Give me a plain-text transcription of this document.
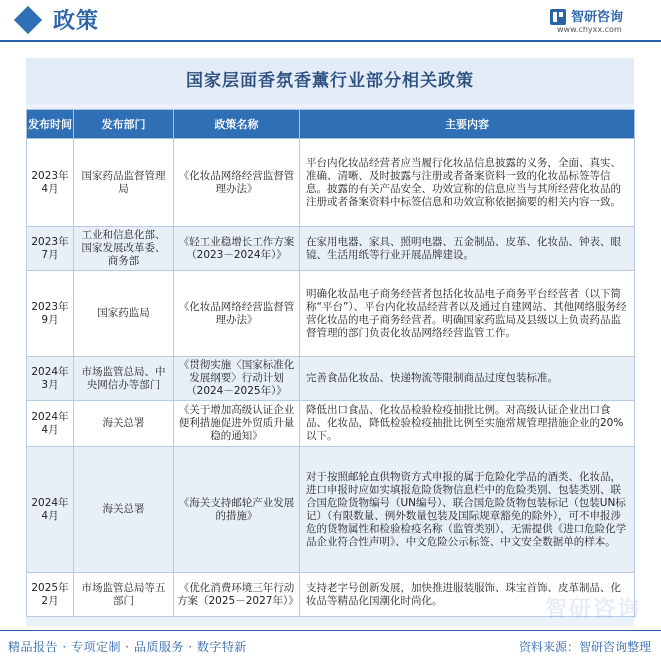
政策	智研咨询
www.chyxx.com
国家层面香氛香薰行业部分相关政策
发布时间	发布部门	政策名称	主要内容
2023年4月	国家药品监督管理局	《化妆品网络经营监督管理办法》	平台内化妆品经营者应当履行化妆品信息披露的义务，全面、真实、准确、清晰、及时披露与注册或者备案资料一致的化妆品标签等信息。披露的有关产品安全、功效宣称的信息应当与其所经营化妆品的注册或者备案资料中标签信息和功效宣称依据摘要的相关内容一致。
2023年7月	工业和信息化部、国家发展改革委、商务部	《轻工业稳增长工作方案（2023－2024年）》	在家用电器、家具、照明电器、五金制品、皮革、化妆品、钟表、眼镜、生活用纸等行业开展品牌建设。
2023年9月	国家药监局	《化妆品网络经营监督管理办法》	明确化妆品电子商务经营者包括化妆品电子商务平台经营者（以下简称“平台”）、平台内化妆品经营者以及通过自建网站、其他网络服务经营化妆品的电子商务经营者。明确国家药监局及县级以上负责药品监督管理的部门负责化妆品网络经营监管工作。
2024年3月	市场监管总局、中央网信办等部门	《贯彻实施〈国家标准化发展纲要〉行动计划（2024－2025年）》	完善食品化妆品、快递物流等限制商品过度包装标准。
2024年4月	海关总署	《关于增加高级认证企业便利措施促进外贸质升量稳的通知》	降低出口食品、化妆品检验检疫抽批比例。对高级认证企业出口食品、化妆品，降低检验检疫抽批比例至实施常规管理措施企业的20%以下。
2024年4月	海关总署	《海关支持邮轮产业发展的措施》	对于按照邮轮直供物资方式申报的属于危险化学品的酒类、化妆品，进口申报时应如实填报危险货物信息栏中的危险类别、包装类别、联合国危险货物编号（UN编号）、联合国危险货物包装标记（包装UN标记）（有限数量、例外数量包装及国际规章豁免的除外），可不申报涉危的货物属性和检验检疫名称（监管类别），无需提供《进口危险化学品企业符合性声明》、中文危险公示标签、中文安全数据单的样本。
2025年2月	市场监管总局等五部门	《优化消费环境三年行动方案（2025－2027年）》	支持老字号创新发展，加快推进服装服饰、珠宝首饰、皮革制品、化妆品等精品化国潮化时尚化。	智研咨询
精品报告 · 专项定制 · 品质服务 · 数字特新	资料来源：智研咨询整理
